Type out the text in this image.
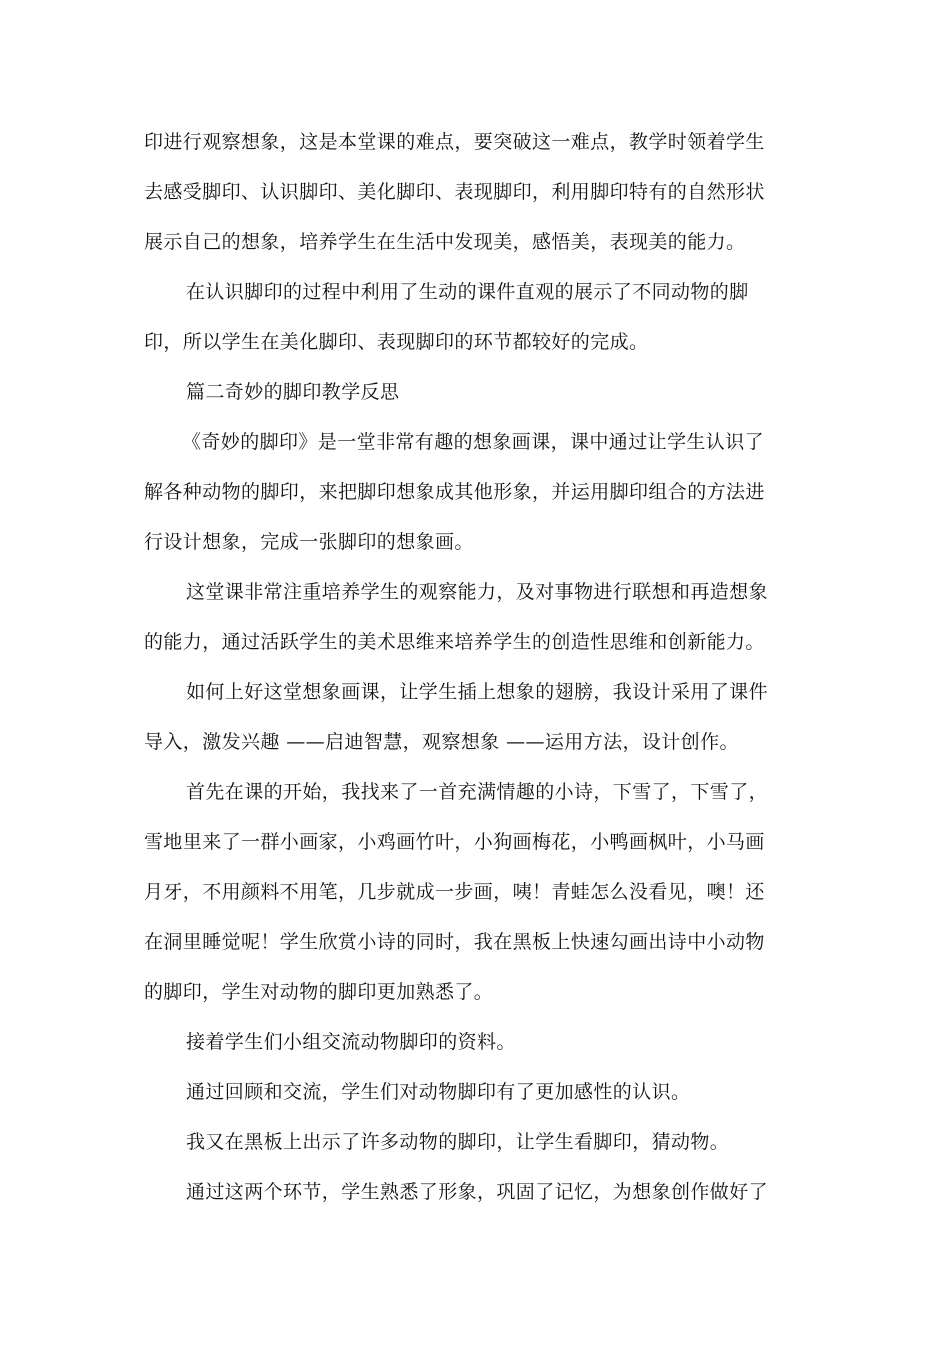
印进行观察想象，这是本堂课的难点，要突破这一难点，教学时领着学生
去感受脚印、认识脚印、美化脚印、表现脚印，利用脚印特有的自然形状
展示自己的想象，培养学生在生活中发现美，感悟美，表现美的能力。
在认识脚印的过程中利用了生动的课件直观的展示了不同动物的脚
印，所以学生在美化脚印、表现脚印的环节都较好的完成。
篇二奇妙的脚印教学反思
《奇妙的脚印》是一堂非常有趣的想象画课，课中通过让学生认识了
解各种动物的脚印，来把脚印想象成其他形象，并运用脚印组合的方法进
行设计想象，完成一张脚印的想象画。
这堂课非常注重培养学生的观察能力，及对事物进行联想和再造想象
的能力，通过活跃学生的美术思维来培养学生的创造性思维和创新能力。
如何上好这堂想象画课，让学生插上想象的翅膀，我设计采用了课件
导入，激发兴趣 ——启迪智慧，观察想象 ——运用方法，设计创作。
首先在课的开始，我找来了一首充满情趣的小诗，下雪了，下雪了，
雪地里来了一群小画家，小鸡画竹叶，小狗画梅花，小鸭画枫叶，小马画
月牙，不用颜料不用笔，几步就成一步画，咦！青蛙怎么没看见，噢！还
在洞里睡觉呢！学生欣赏小诗的同时，我在黑板上快速勾画出诗中小动物
的脚印，学生对动物的脚印更加熟悉了。
接着学生们小组交流动物脚印的资料。
通过回顾和交流，学生们对动物脚印有了更加感性的认识。
我又在黑板上出示了许多动物的脚印，让学生看脚印，猜动物。
通过这两个环节，学生熟悉了形象，巩固了记忆，为想象创作做好了
